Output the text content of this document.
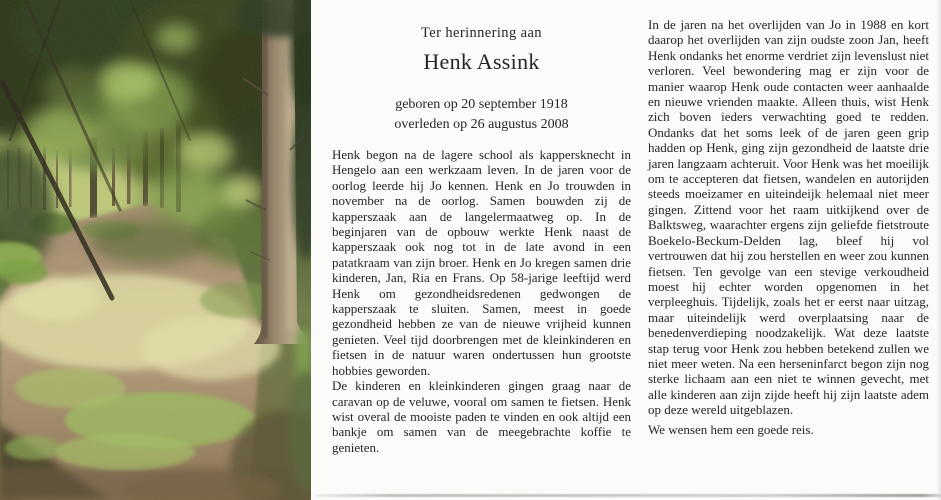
Ter herinnering aan
Henk Assink
geboren op 20 september 1918
overleden op 26 augustus 2008

Henk begon na de lagere school als kappersknecht in Hengelo aan een werkzaam leven. In de jaren voor de oorlog leerde hij Jo kennen. Henk en Jo trouwden in november na de oorlog. Samen bouwden zij de kapperszaak aan de langelermaatweg op. In de beginjaren van de opbouw werkte Henk naast de kapperszaak ook nog tot in de late avond in een patatkraam van zijn broer. Henk en Jo kregen samen drie kinderen, Jan, Ria en Frans. Op 58-jarige leeftijd werd Henk om gezondheidsredenen gedwongen de kapperszaak te sluiten. Samen, meest in goede gezondheid hebben ze van de nieuwe vrijheid kunnen genieten. Veel tijd doorbrengen met de kleinkinderen en fietsen in de natuur waren ondertussen hun grootste hobbies geworden.

De kinderen en kleinkinderen gingen graag naar de caravan op de veluwe, vooral om samen te fietsen. Henk wist overal de mooiste paden te vinden en ook altijd een bankje om samen van de meegebrachte koffie te genieten.

In de jaren na het overlijden van Jo in 1988 en kort daarop het overlijden van zijn oudste zoon Jan, heeft Henk ondanks het enorme verdriet zijn levenslust niet verloren. Veel bewondering mag er zijn voor de manier waarop Henk oude contacten weer aanhaalde en nieuwe vrienden maakte. Alleen thuis, wist Henk zich boven ieders verwachting goed te redden. Ondanks dat het soms leek of de jaren geen grip hadden op Henk, ging zijn gezondheid de laatste drie jaren langzaam achteruit. Voor Henk was het moeilijk om te accepteren dat fietsen, wandelen en autorijden steeds moeizamer en uiteindeijk helemaal niet meer gingen. Zittend voor het raam uitkijkend over de Balktsweg, waarachter ergens zijn geliefde fietstroute Boekelo-Beckum-Delden lag, bleef hij vol vertrouwen dat hij zou herstellen en weer zou kunnen fietsen. Ten gevolge van een stevige verkoudheid moest hij echter worden opgenomen in het verpleeghuis. Tijdelijk, zoals het er eerst naar uitzag, maar uiteindelijk werd overplaatsing naar de benedenverdieping noodzakelijk. Wat deze laatste stap terug voor Henk zou hebben betekend zullen we niet meer weten. Na een herseninfarct begon zijn nog sterke lichaam aan een niet te winnen gevecht, met alle kinderen aan zijn zijde heeft hij zijn laatste adem op deze wereld uitgeblazen.

We wensen hem een goede reis.
